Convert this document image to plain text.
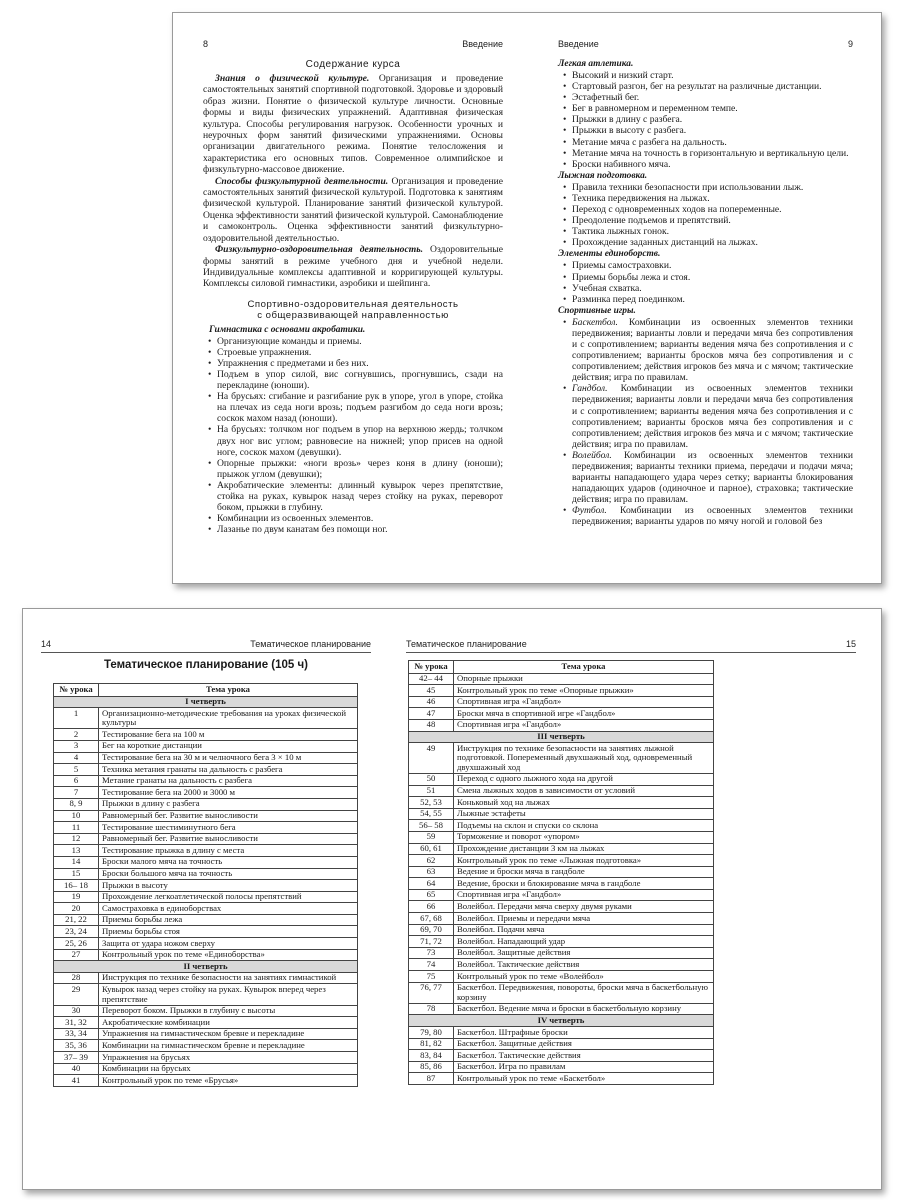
8	Введение

Содержание курса

Знания о физической культуре. Организация и проведение самостоятельных занятий спортивной подготовкой. Здоровье и здоровый образ жизни. Понятие о физической культуре личности. Основные формы и виды физических упражнений. Адаптивная физическая культура. Способы регулирования нагрузок. Особенности урочных и неурочных форм занятий физическими упражнениями. Основы организации двигательного режима. Понятие телосложения и характеристика его основных типов. Современное олимпийское и физкультурно-массовое движение.

Способы физкультурной деятельности. Организация и проведение самостоятельных занятий физической культурой. Подготовка к занятиям физической культурой. Планирование занятий физической культурой. Оценка эффективности занятий физической культурой. Самонаблюдение и самоконтроль. Оценка эффективности занятий физкультурно-оздоровительной деятельностью.

Физкультурно-оздоровительная деятельность. Оздоровительные формы занятий в режиме учебного дня и учебной недели. Индивидуальные комплексы адаптивной и корригирующей культуры. Комплексы силовой гимнастики, аэробики и шейпинга.

Спортивно-оздоровительная деятельность

с общеразвивающей направленностью

Гимнастика с основами акробатики.

• Организующие команды и приемы.
• Строевые упражнения.
• Упражнения с предметами и без них.
• Подъем в упор силой, вис согнувшись, прогнувшись, сзади на перекладине (юноши).
• На брусьях: сгибание и разгибание рук в упоре, угол в упоре, стойка на плечах из седа ноги врозь; подъем разгибом до седа ноги врозь; соскок махом назад (юноши).
• На брусьях: толчком ног подъем в упор на верхнюю жердь; толчком двух ног вис углом; равновесие на нижней; упор присев на одной ноге, соскок махом (девушки).
• Опорные прыжки: «ноги врозь» через коня в длину (юноши); прыжок углом (девушки);
• Акробатические элементы: длинный кувырок через препятствие, стойка на руках, кувырок назад через стойку на руках, переворот боком, прыжки в глубину.
• Комбинации из освоенных элементов.
• Лазанье по двум канатам без помощи ног.
Введение	9

Легкая атлетика.

• Высокий и низкий старт.
• Стартовый разгон, бег на результат на различные дистанции.
• Эстафетный бег.
• Бег в равномерном и переменном темпе.
• Прыжки в длину с разбега.
• Прыжки в высоту с разбега.
• Метание мяча с разбега на дальность.
• Метание мяча на точность в горизонтальную и вертикальную цели.
• Броски набивного мяча.

Лыжная подготовка.

• Правила техники безопасности при использовании лыж.
• Техника передвижения на лыжах.
• Переход с одновременных ходов на попеременные.
• Преодоление подъемов и препятствий.
• Тактика лыжных гонок.
• Прохождение заданных дистанций на лыжах.

Элементы единоборств.

• Приемы самостраховки.
• Приемы борьбы лежа и стоя.
• Учебная схватка.
• Разминка перед поединком.

Спортивные игры.

• Баскетбол. Комбинации из освоенных элементов техники передвижения; варианты ловли и передачи мяча без сопротивления и с сопротивлением; варианты ведения мяча без сопротивления и с сопротивлением; варианты бросков мяча без сопротивления и с сопротивлением; действия игроков без мяча и с мячом; тактические действия; игра по правилам.
• Гандбол. Комбинации из освоенных элементов техники передвижения; варианты ловли и передачи мяча без сопротивления и с сопротивлением; варианты ведения мяча без сопротивления и с сопротивлением; варианты бросков мяча без сопротивления и с сопротивлением; действия игроков без мяча и с мячом; тактические действия; игра по правилам.
• Волейбол. Комбинации из освоенных элементов техники передвижения; варианты техники приема, передачи и подачи мяча; варианты нападающего удара через сетку; варианты блокирования нападающих ударов (одиночное и парное), страховка; тактические действия; игра по правилам.
• Футбол. Комбинации из освоенных элементов техники передвижения; варианты ударов по мячу ногой и головой без
14	Тематическое планирование
Тематическое планирование (105 ч)
№ урока	Тема урока
I четверть	
1	Организационно-методические требования на уроках физической культуры
2	Тестирование бега на 100 м
3	Бег на короткие дистанции
4	Тестирование бега на 30 м и челночного бега 3 × 10 м
5	Техника метания гранаты на дальность с разбега
6	Метание гранаты на дальность с разбега
7	Тестирование бега на 2000 и 3000 м
8, 9	Прыжки в длину с разбега
10	Равномерный бег. Развитие выносливости
11	Тестирование шестиминутного бега
12	Равномерный бег. Развитие выносливости
13	Тестирование прыжка в длину с места
14	Броски малого мяча на точность
15	Броски большого мяча на точность
16– 18	Прыжки в высоту
19	Прохождение легкоатлетической полосы препятствий
20	Самостраховка в единоборствах
21, 22	Приемы борьбы лежа
23, 24	Приемы борьбы стоя
25, 26	Защита от удара ножом сверху
27	Контрольный урок по теме «Единоборства»
II четверть	
28	Инструкция по технике безопасности на занятиях гимнастикой
29	Кувырок назад через стойку на руках. Кувырок вперед через препятствие
30	Переворот боком. Прыжки в глубину с высоты
31, 32	Акробатические комбинации
33, 34	Упражнения на гимнастическом бревне и перекладине
35, 36	Комбинации на гимнастическом бревне и перекладине
37– 39	Упражнения на брусьях
40	Комбинации на брусьях
41	Контрольный урок по теме «Брусья»
Тематическое планирование	15
№ урока	Тема урока
42– 44	Опорные прыжки
45	Контрольный урок по теме «Опорные прыжки»
46	Спортивная игра «Гандбол»
47	Броски мяча в спортивной игре «Гандбол»
48	Спортивная игра «Гандбол»
III четверть	
49	Инструкция по технике безопасности на занятиях лыжной подготовкой. Попеременный двухшажный ход, одновременный двухшажный ход
50	Переход с одного лыжного хода на другой
51	Смена лыжных ходов в зависимости от условий
52, 53	Коньковый ход на лыжах
54, 55	Лыжные эстафеты
56– 58	Подъемы на склон и спуски со склона
59	Торможение и поворот «упором»
60, 61	Прохождение дистанции 3 км на лыжах
62	Контрольный урок по теме «Лыжная подготовка»
63	Ведение и броски мяча в гандболе
64	Ведение, броски и блокирование мяча в гандболе
65	Спортивная игра «Гандбол»
66	Волейбол. Передачи мяча сверху двумя руками
67, 68	Волейбол. Приемы и передачи мяча
69, 70	Волейбол. Подачи мяча
71, 72	Волейбол. Нападающий удар
73	Волейбол. Защитные действия
74	Волейбол. Тактические действия
75	Контрольный урок по теме «Волейбол»
76, 77	Баскетбол. Передвижения, повороты, броски мяча в баскетбольную корзину
78	Баскетбол. Ведение мяча и броски в баскетбольную корзину
IV четверть	
79, 80	Баскетбол. Штрафные броски
81, 82	Баскетбол. Защитные действия
83, 84	Баскетбол. Тактические действия
85, 86	Баскетбол. Игра по правилам
87	Контрольный урок по теме «Баскетбол»
